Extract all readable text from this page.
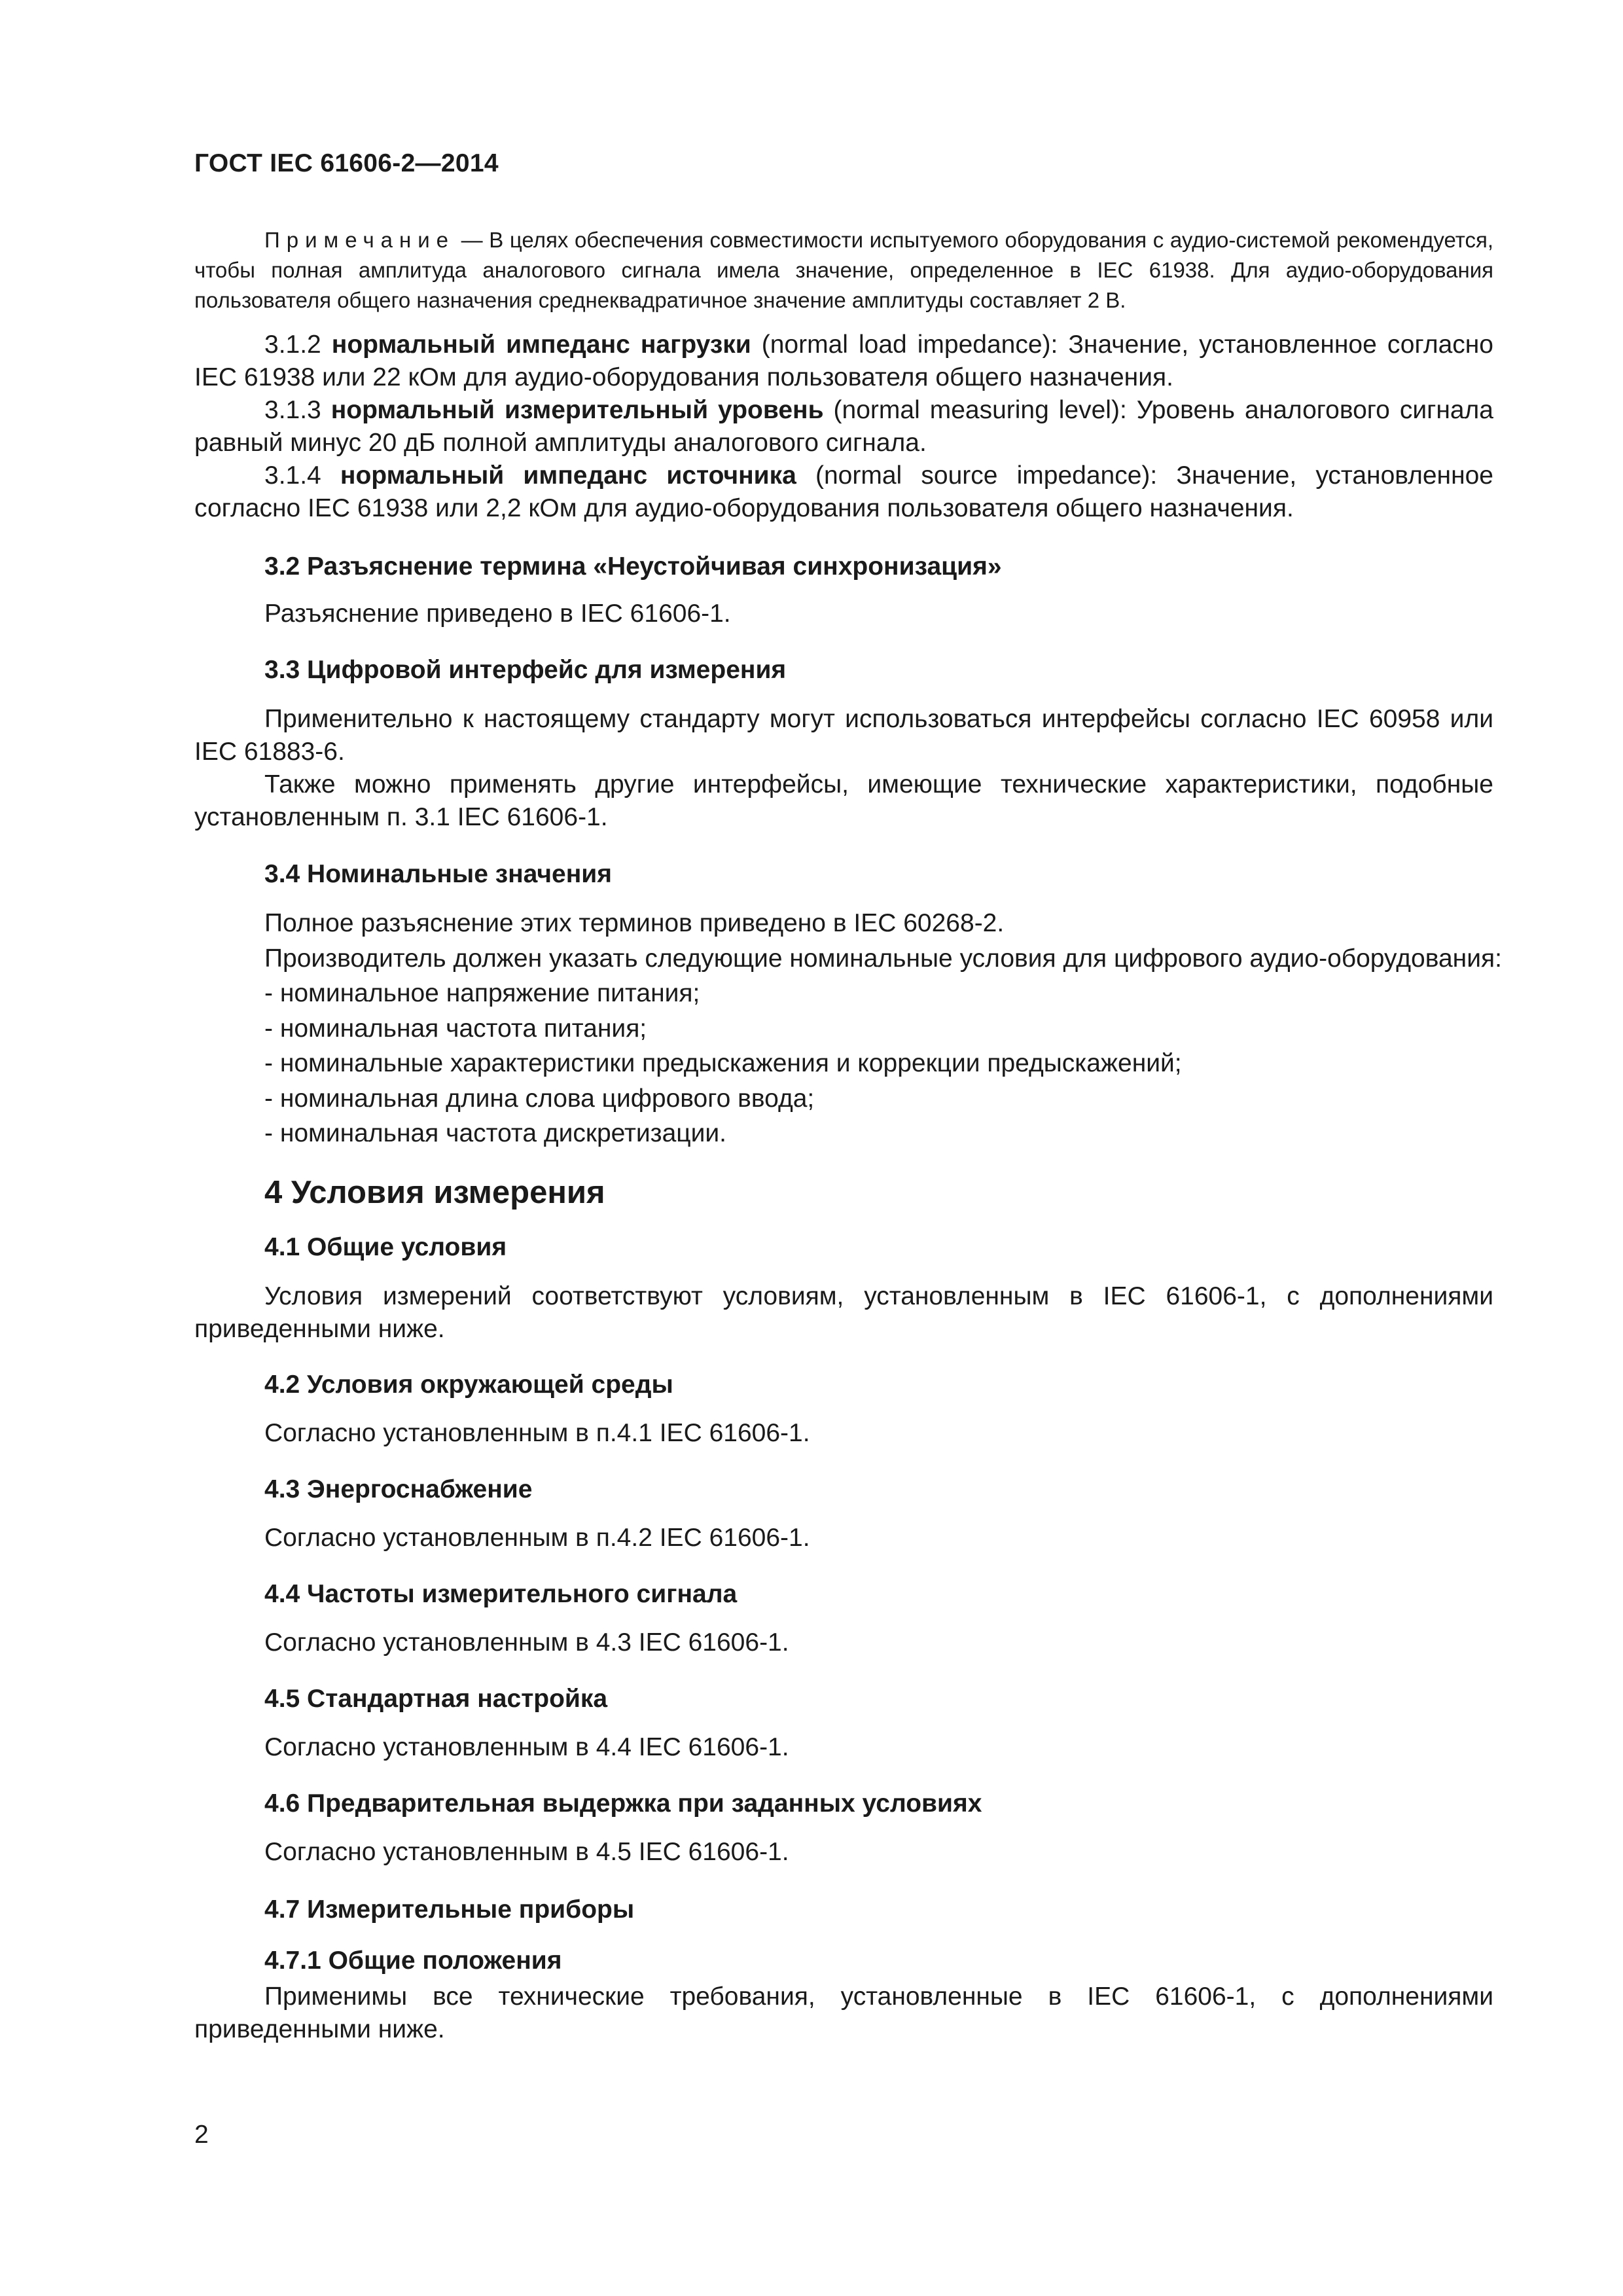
ГОСТ IEC 61606-2—2014
Примечание — В целях обеспечения совместимости испытуемого оборудования с аудио-системой рекомендуется, чтобы полная амплитуда аналогового сигнала имела значение, определенное в IEC 61938. Для аудио-оборудования пользователя общего назначения среднеквадратичное значение амплитуды составляет 2 В.

3.1.2 нормальный импеданс нагрузки (normal load impedance): Значение, установленное согласно IEC 61938 или 22 кОм для аудио-оборудования пользователя общего назначения.

3.1.3 нормальный измерительный уровень (normal measuring level): Уровень аналогового сигнала равный минус 20 дБ полной амплитуды аналогового сигнала.

3.1.4 нормальный импеданс источника (normal source impedance): Значение, установленное согласно IEC 61938 или 2,2 кОм для аудио-оборудования пользователя общего назначения.

3.2 Разъяснение термина «Неустойчивая синхронизация»
Разъяснение приведено в IEC 61606-1.
3.3 Цифровой интерфейс для измерения

Применительно к настоящему стандарту могут использоваться интерфейсы согласно IEC 60958 или IEC 61883-6.

Также можно применять другие интерфейсы, имеющие технические характеристики, подобные установленным п. 3.1 IEC 61606-1.

3.4 Номинальные значения
Полное разъяснение этих терминов приведено в IEC 60268-2.
Производитель должен указать следующие номинальные условия для цифрового аудио-оборудования:
- номинальное напряжение питания;
- номинальная частота питания;
- номинальные характеристики предыскажения и коррекции предыскажений;
- номинальная длина слова цифрового ввода;
- номинальная частота дискретизации.
4 Условия измерения
4.1 Общие условия

Условия измерений соответствуют условиям, установленным в IEC 61606-1, с дополнениями приведенными ниже.

4.2 Условия окружающей среды
Согласно установленным в п.4.1 IEC 61606-1.
4.3 Энергоснабжение
Согласно установленным в п.4.2 IEC 61606-1.
4.4 Частоты измерительного сигнала
Согласно установленным в 4.3 IEC 61606-1.
4.5 Стандартная настройка
Согласно установленным в 4.4 IEC 61606-1.
4.6 Предварительная выдержка при заданных условиях
Согласно установленным в 4.5 IEC 61606-1.
4.7 Измерительные приборы
4.7.1 Общие положения

Применимы все технические требования, установленные в IEC 61606-1, с дополнениями приведенными ниже.

2
